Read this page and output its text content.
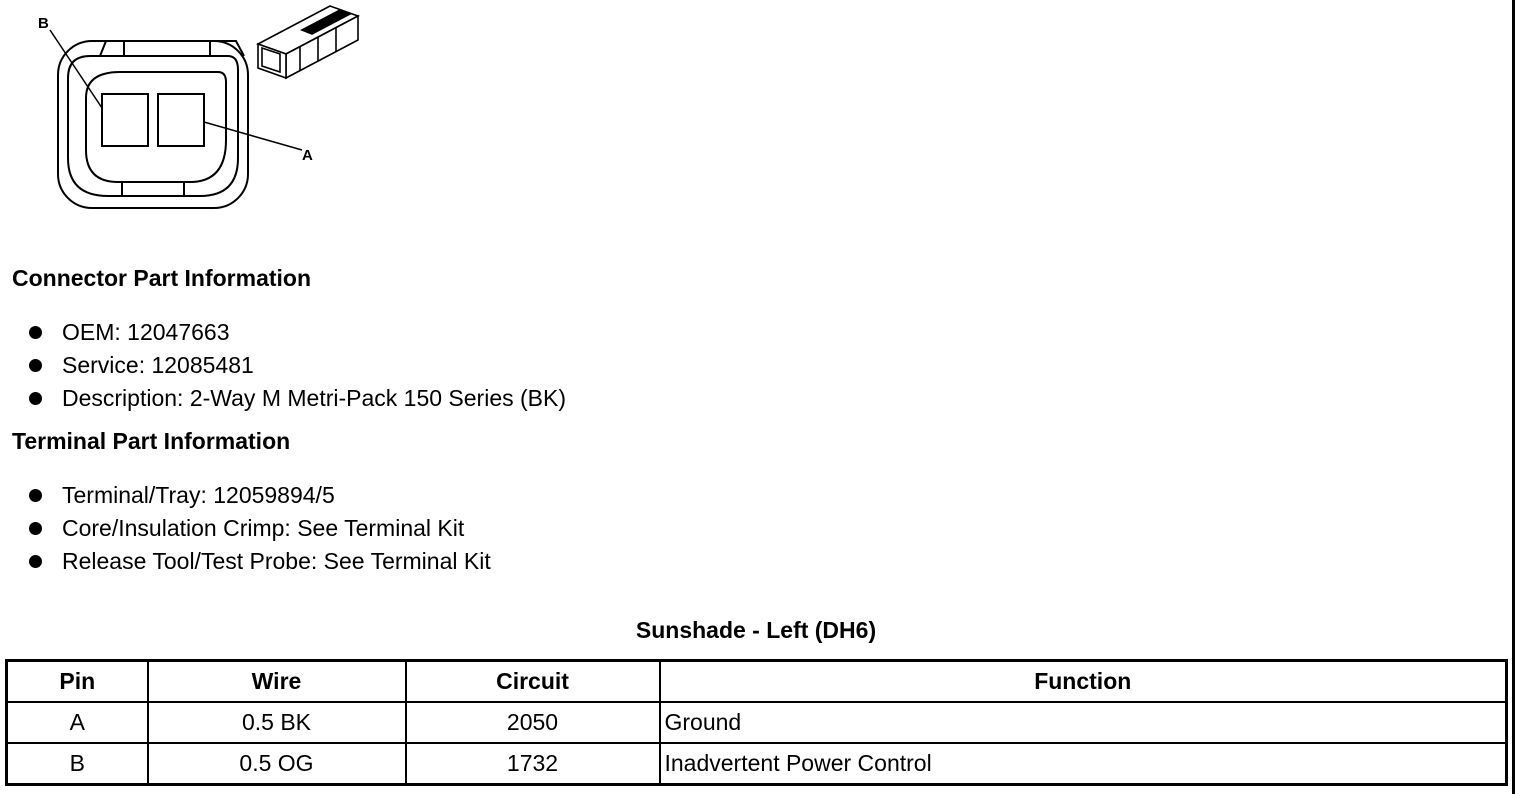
B
A
Connector Part Information
OEM: 12047663
Service: 12085481
Description: 2-Way M Metri-Pack 150 Series (BK)
Terminal Part Information
Terminal/Tray: 12059894/5
Core/Insulation Crimp: See Terminal Kit
Release Tool/Test Probe: See Terminal Kit
Sunshade - Left (DH6)
Pin	Wire	Circuit	Function
A	0.5 BK	2050	Ground
B	0.5 OG	1732	Inadvertent Power Control
